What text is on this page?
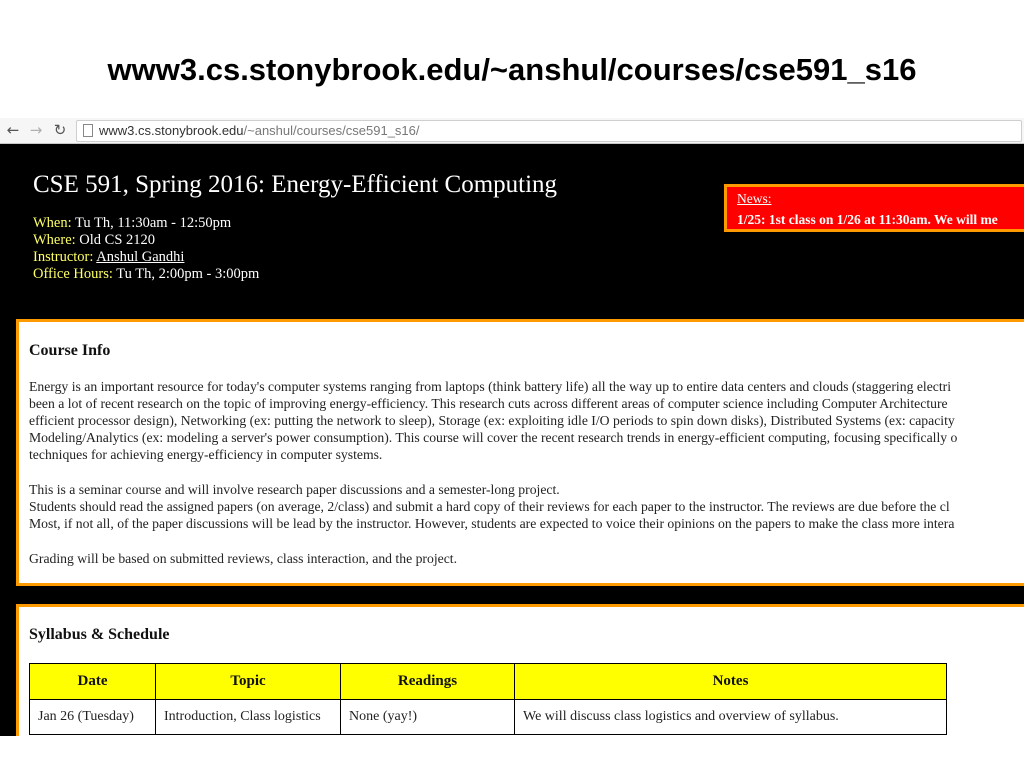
www3.cs.stonybrook.edu/~anshul/courses/cse591_s16
← → ↻	www3.cs.stonybrook.edu/~anshul/courses/cse591_s16/
CSE 591, Spring 2016: Energy-Efficient Computing
When: Tu Th, 11:30am - 12:50pm
Where: Old CS 2120
Instructor: Anshul Gandhi
Office Hours: Tu Th, 2:00pm - 3:00pm
News:
1/25: 1st class on 1/26 at 11:30am. We will me
Course Info
Energy is an important resource for today's computer systems ranging from laptops (think battery life) all the way up to entire data centers and clouds (staggering electri
been a lot of recent research on the topic of improving energy-efficiency. This research cuts across different areas of computer science including Computer Architecture
efficient processor design), Networking (ex: putting the network to sleep), Storage (ex: exploiting idle I/O periods to spin down disks), Distributed Systems (ex: capacity
Modeling/Analytics (ex: modeling a server's power consumption). This course will cover the recent research trends in energy-efficient computing, focusing specifically o
techniques for achieving energy-efficiency in computer systems.
This is a seminar course and will involve research paper discussions and a semester-long project.
Students should read the assigned papers (on average, 2/class) and submit a hard copy of their reviews for each paper to the instructor. The reviews are due before the cl
Most, if not all, of the paper discussions will be lead by the instructor. However, students are expected to voice their opinions on the papers to make the class more intera
Grading will be based on submitted reviews, class interaction, and the project.
Syllabus & Schedule
Date	Topic	Readings	Notes
Jan 26 (Tuesday)	Introduction, Class logistics	None (yay!)	We will discuss class logistics and overview of syllabus.
